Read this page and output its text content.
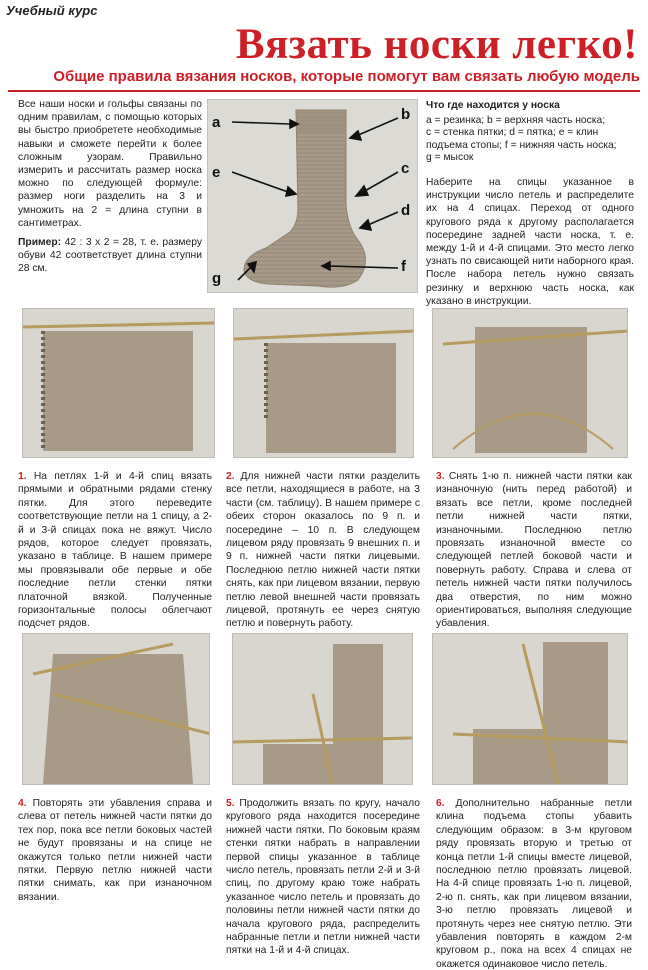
Учебный курс
Вязать носки легко!
Общие правила вязания носков, которые помогут вам связать любую модель

Все наши носки и гольфы связаны по одним правилам, с помощью которых вы быстро приобретете необходимые навыки и сможете перейти к более сложным узорам. Правильно измерить и рассчитать размер носка можно по следующей формуле: размер ноги разделить на 3 и умножить на 2 = длина ступни в сантиметрах.

Пример: 42 : 3 х 2 = 28, т. е. размеру обуви 42 соответствует длина ступни 28 см.

a	b
c
d
e
f
g
Что где находится у носка
a = резинка; b = верхняя часть носка;
c = стенка пятки; d = пятка; e = клин
подъема стопы; f = нижняя часть носка;
g = мысок
Наберите на спицы указанное в инструкции число петель и распределите их на 4 спицах. Переход от одного кругового ряда к другому располагается посередине задней части носка, т. е. между 1-й и 4-й спицами. Это место легко узнать по свисающей нити наборного края. После набора петель нужно связать резинку и верхнюю часть носка, как указано в инструкции.
1. На петлях 1-й и 4-й спиц вязать прямыми и обратными рядами стенку пятки. Для этого переведите соответствующие петли на 1 спицу, а 2-й и 3-й спицах пока не вяжут. Число рядов, которое следует провязать, указано в таблице. В нашем примере мы провязывали обе первые и обе последние петли стенки пятки платочной вязкой. Полученные горизонтальные полосы облегчают подсчет рядов.
2. Для нижней части пятки разделить все петли, находящиеся в работе, на 3 части (см. таблицу). В нашем примере с обеих сторон оказалось по 9 п. и посередине – 10 п. В следующем лицевом ряду провязать 9 внешних п. и 9 п. нижней части пятки лицевыми. Последнюю петлю нижней части пятки снять, как при лицевом вязании, первую петлю левой внешней части провязать лицевой, протянуть ее через снятую петлю и повернуть работу.
3. Снять 1-ю п. нижней части пятки как изнаночную (нить перед работой) и вязать все петли, кроме последней петли нижней части пятки, изнаночными. Последнюю петлю провязать изнаночной вместе со следующей петлей боковой части и повернуть работу. Справа и слева от петель нижней части пятки получилось два отверстия, по ним можно ориентироваться, выполняя следующие убавления.
4. Повторять эти убавления справа и слева от петель нижней части пятки до тех пор, пока все петли боковых частей не будут провязаны и на спице не окажутся только петли нижней части пятки. Первую петлю нижней части пятки снимать, как при изнаночном вязании.
5. Продолжить вязать по кругу, начало кругового ряда находится посередине нижней части пятки. По боковым краям стенки пятки набрать в направлении первой спицы указанное в таблице число петель, провязать петли 2-й и 3-й спиц, по другому краю тоже набрать указанное число петель и провязать до половины петли нижней части пятки до начала кругового ряда, распределить набранные петли и петли нижней части пятки на 1-й и 4-й спицах.
6. Дополнительно набранные петли клина подъема стопы убавить следующим образом: в 3-м круговом ряду провязать вторую и третью от конца петли 1-й спицы вместе лицевой, последнюю петлю провязать лицевой. На 4-й спице провязать 1-ю п. лицевой, 2-ю п. снять, как при лицевом вязании, 3-ю петлю провязать лицевой и протянуть через нее снятую петлю. Эти убавления повторять в каждом 2-м круговом р., пока на всех 4 спицах не окажется одинаковое число петель.
